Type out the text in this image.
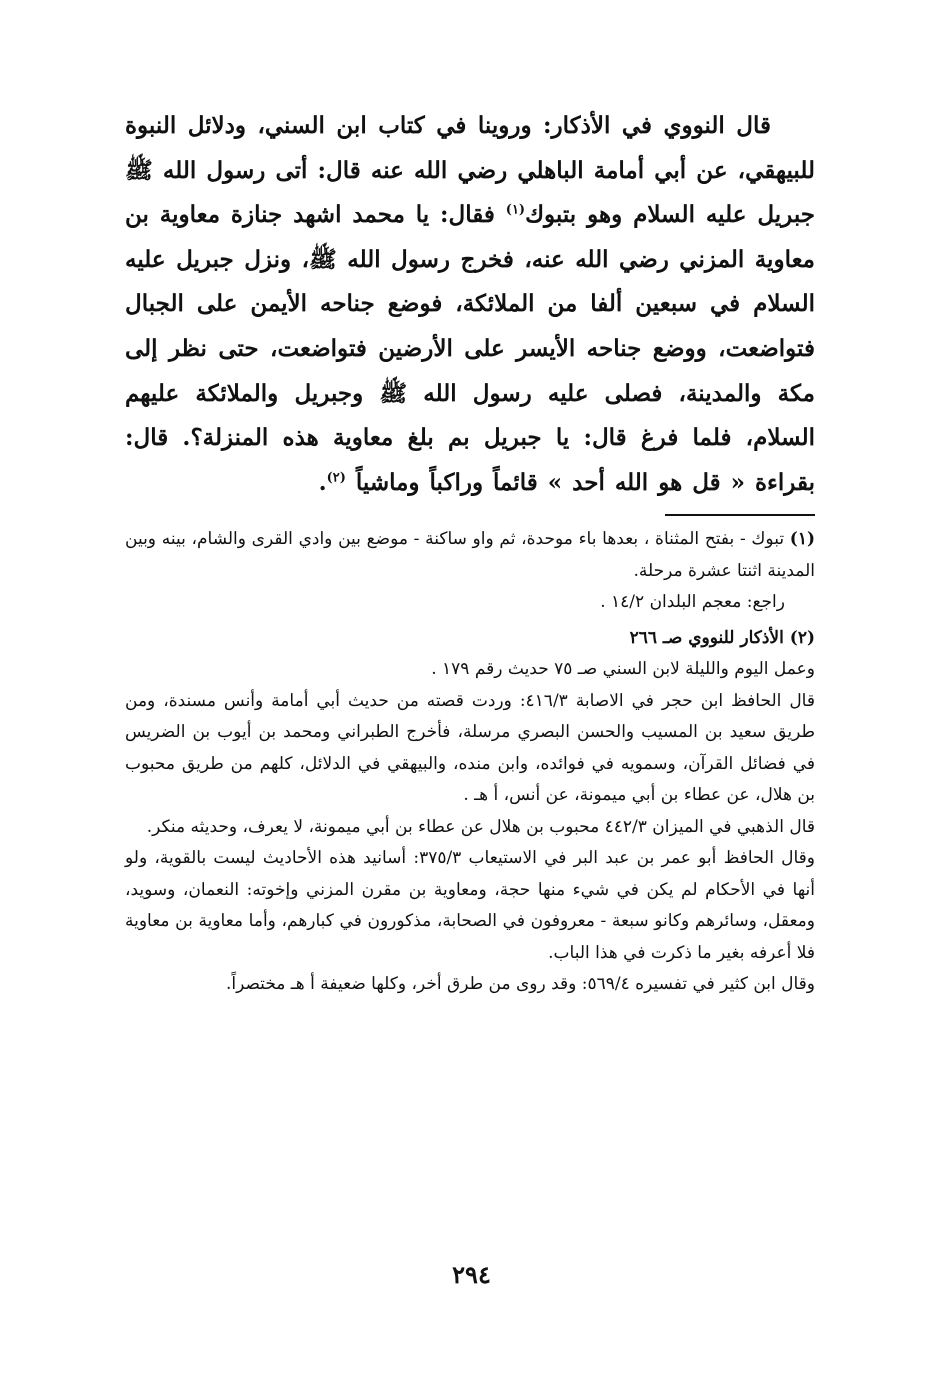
قال النووي في الأذكار: وروينا في كتاب ابن السني، ودلائل النبوة للبيهقي، عن أبي أمامة الباهلي رضي الله عنه قال: أتى رسول الله ﷺ جبريل عليه السلام وهو بتبوك$^{(١)}$ فقال: يا محمد اشهد جنازة معاوية بن معاوية المزني رضي الله عنه، فخرج رسول الله ﷺ، ونزل جبريل عليه السلام في سبعين ألفا من الملائكة، فوضع جناحه الأيمن على الجبال فتواضعت، ووضع جناحه الأيسر على الأرضين فتواضعت، حتى نظر إلى مكة والمدينة، فصلى عليه رسول الله ﷺ وجبريل والملائكة عليهم السلام، فلما فرغ قال: يا جبريل بم بلغ معاوية هذه المنزلة؟. قال: بقراءة « قل هو الله أحد » قائماً وراكباً وماشياً $^{(٢)}$.

(١) تبوك - بفتح المثناة ، بعدها باء موحدة، ثم واو ساكنة - موضع بين وادي القرى والشام، بينه وبين المدينة اثنتا عشرة مرحلة.
راجع: معجم البلدان ١٤/٢ .
(٢) الأذكار للنووي صـ ٢٦٦

وعمل اليوم والليلة لابن السني صـ ٧٥ حديث رقم ١٧٩ .

قال الحافظ ابن حجر في الاصابة ٤١٦/٣: وردت قصته من حديث أبي أمامة وأنس مسندة، ومن طريق سعيد بن المسيب والحسن البصري مرسلة، فأخرج الطبراني ومحمد بن أيوب بن الضريس في فضائل القرآن، وسمويه في فوائده، وابن منده، والبيهقي في الدلائل، كلهم من طريق محبوب بن هلال، عن عطاء بن أبي ميمونة، عن أنس، أ هـ .

قال الذهبي في الميزان ٤٤٢/٣ محبوب بن هلال عن عطاء بن أبي ميمونة، لا يعرف، وحديثه منكر.

وقال الحافظ أبو عمر بن عبد البر في الاستيعاب ٣٧٥/٣: أسانيد هذه الأحاديث ليست بالقوية، ولو أنها في الأحكام لم يكن في شيء منها حجة، ومعاوية بن مقرن المزني وإخوته: النعمان، وسويد، ومعقل، وسائرهم وكانو سبعة - معروفون في الصحابة، مذكورون في كبارهم، وأما معاوية بن معاوية فلا أعرفه بغير ما ذكرت في هذا الباب.

وقال ابن كثير في تفسيره ٥٦٩/٤: وقد روى من طرق أخر، وكلها ضعيفة أ هـ مختصراً.

٢٩٤
